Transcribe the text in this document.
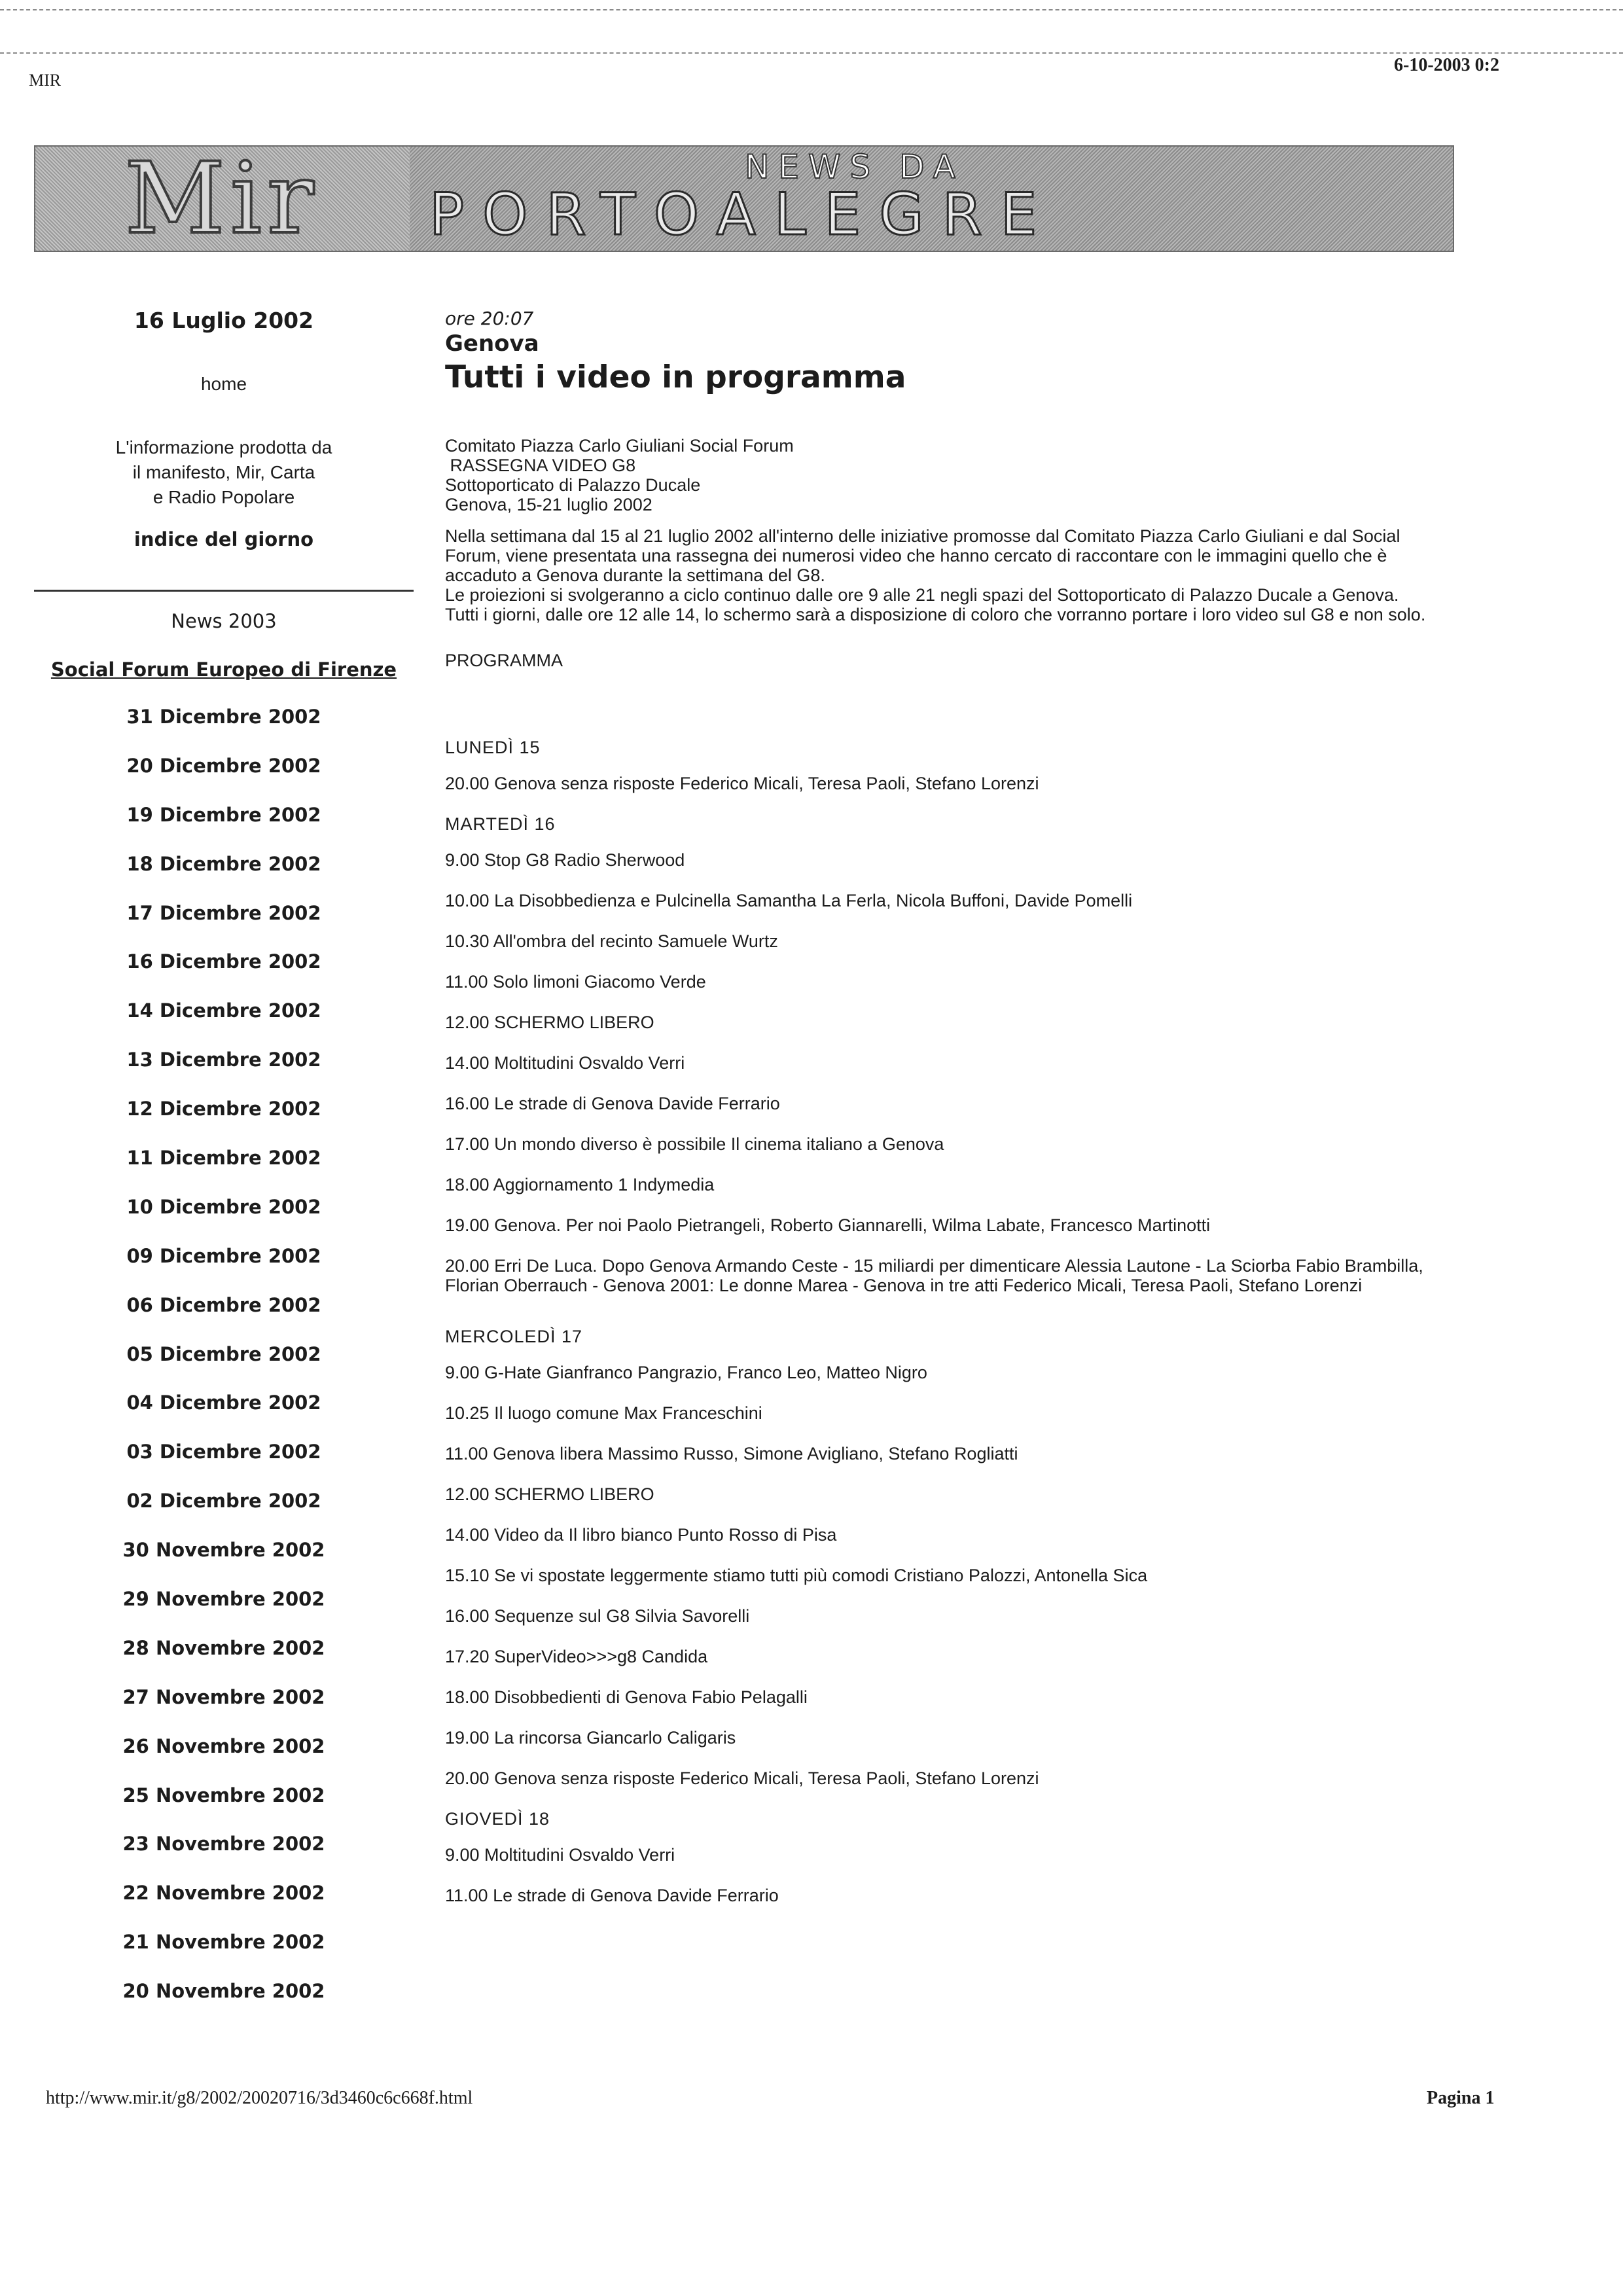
MIR
6-10-2003 0:2
Mir	NEWS DA
PORTOALEGRE
16 Luglio 2002
home
L'informazione prodotta da
il manifesto, Mir, Carta
e Radio Popolare
indice del giorno
News 2003
Social Forum Europeo di Firenze
31 Dicembre 2002
20 Dicembre 2002
19 Dicembre 2002
18 Dicembre 2002
17 Dicembre 2002
16 Dicembre 2002
14 Dicembre 2002
13 Dicembre 2002
12 Dicembre 2002
11 Dicembre 2002
10 Dicembre 2002
09 Dicembre 2002
06 Dicembre 2002
05 Dicembre 2002
04 Dicembre 2002
03 Dicembre 2002
02 Dicembre 2002
30 Novembre 2002
29 Novembre 2002
28 Novembre 2002
27 Novembre 2002
26 Novembre 2002
25 Novembre 2002
23 Novembre 2002
22 Novembre 2002
21 Novembre 2002
20 Novembre 2002
ore 20:07
Genova
Tutti i video in programma
Comitato Piazza Carlo Giuliani Social Forum
RASSEGNA VIDEO G8
Sottoporticato di Palazzo Ducale
Genova, 15-21 luglio 2002

Nella settimana dal 15 al 21 luglio 2002 all'interno delle iniziative promosse dal Comitato Piazza Carlo Giuliani e dal Social Forum, viene presentata una rassegna dei numerosi video che hanno cercato di raccontare con le immagini quello che è accaduto a Genova durante la settimana del G8.

Le proiezioni si svolgeranno a ciclo continuo dalle ore 9 alle 21 negli spazi del Sottoporticato di Palazzo Ducale a Genova. Tutti i giorni, dalle ore 12 alle 14, lo schermo sarà a disposizione di coloro che vorranno portare i loro video sul G8 e non solo.

PROGRAMMA
LUNEDÌ 15
20.00 Genova senza risposte Federico Micali, Teresa Paoli, Stefano Lorenzi
MARTEDÌ 16
9.00 Stop G8 Radio Sherwood
10.00 La Disobbedienza e Pulcinella Samantha La Ferla, Nicola Buffoni, Davide Pomelli
10.30 All'ombra del recinto Samuele Wurtz
11.00 Solo limoni Giacomo Verde
12.00 SCHERMO LIBERO
14.00 Moltitudini Osvaldo Verri
16.00 Le strade di Genova Davide Ferrario
17.00 Un mondo diverso è possibile Il cinema italiano a Genova
18.00 Aggiornamento 1 Indymedia
19.00 Genova. Per noi Paolo Pietrangeli, Roberto Giannarelli, Wilma Labate, Francesco Martinotti
20.00 Erri De Luca. Dopo Genova Armando Ceste - 15 miliardi per dimenticare Alessia Lautone - La Sciorba Fabio Brambilla, Florian Oberrauch - Genova 2001: Le donne Marea - Genova in tre atti Federico Micali, Teresa Paoli, Stefano Lorenzi
MERCOLEDÌ 17
9.00 G-Hate Gianfranco Pangrazio, Franco Leo, Matteo Nigro
10.25 Il luogo comune Max Franceschini
11.00 Genova libera Massimo Russo, Simone Avigliano, Stefano Rogliatti
12.00 SCHERMO LIBERO
14.00 Video da Il libro bianco Punto Rosso di Pisa
15.10 Se vi spostate leggermente stiamo tutti più comodi Cristiano Palozzi, Antonella Sica
16.00 Sequenze sul G8 Silvia Savorelli
17.20 SuperVideo>>>g8 Candida
18.00 Disobbedienti di Genova Fabio Pelagalli
19.00 La rincorsa Giancarlo Caligaris
20.00 Genova senza risposte Federico Micali, Teresa Paoli, Stefano Lorenzi
GIOVEDÌ 18
9.00 Moltitudini Osvaldo Verri
11.00 Le strade di Genova Davide Ferrario
http://www.mir.it/g8/2002/20020716/3d3460c6c668f.html	Pagina 1
